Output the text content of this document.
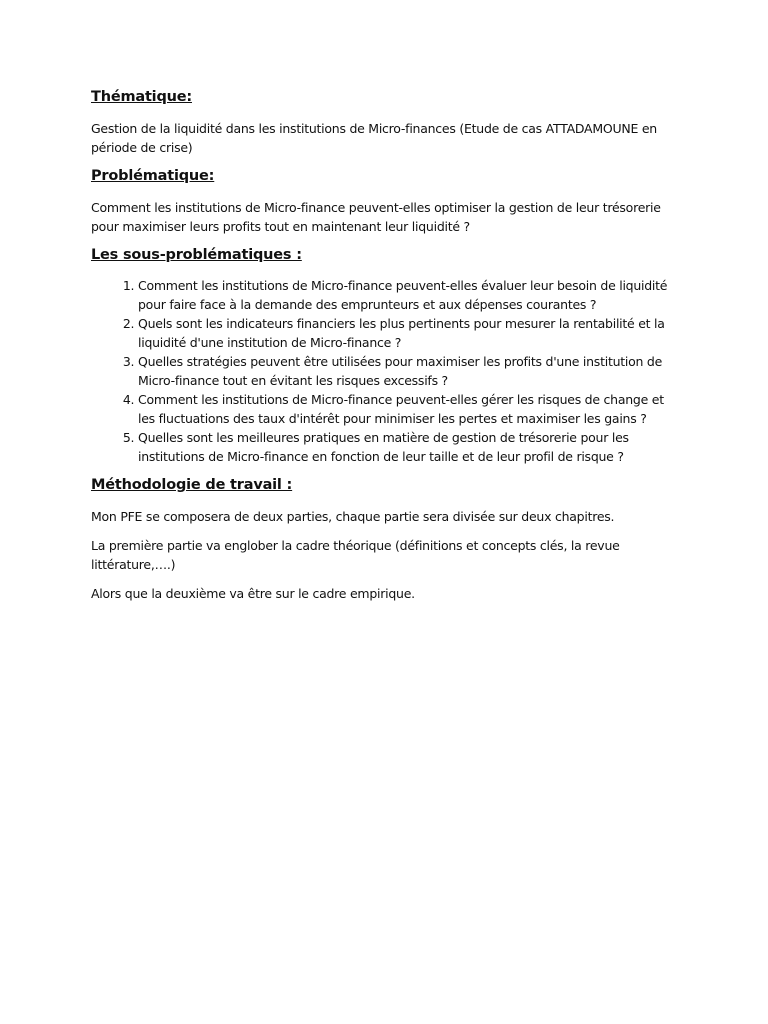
Thématique:

Gestion de la liquidité dans les institutions de Micro-finances (Etude de cas ATTADAMOUNE en période de crise)

Problématique:

Comment les institutions de Micro-finance peuvent-elles optimiser la gestion de leur trésorerie pour maximiser leurs profits tout en maintenant leur liquidité ?

Les sous-problématiques :
1. Comment les institutions de Micro-finance peuvent-elles évaluer leur besoin de liquidité pour faire face à la demande des emprunteurs et aux dépenses courantes ?
2. Quels sont les indicateurs financiers les plus pertinents pour mesurer la rentabilité et la liquidité d'une institution de Micro-finance ?
3. Quelles stratégies peuvent être utilisées pour maximiser les profits d'une institution de Micro-finance tout en évitant les risques excessifs ?
4. Comment les institutions de Micro-finance peuvent-elles gérer les risques de change et les fluctuations des taux d'intérêt pour minimiser les pertes et maximiser les gains ?
5. Quelles sont les meilleures pratiques en matière de gestion de trésorerie pour les institutions de Micro-finance en fonction de leur taille et de leur profil de risque ?
Méthodologie de travail :

Mon PFE se composera de deux parties, chaque partie sera divisée sur deux chapitres.

La première partie va englober la cadre théorique (définitions et concepts clés, la revue littérature,….)

Alors que la deuxième va être sur le cadre empirique.
